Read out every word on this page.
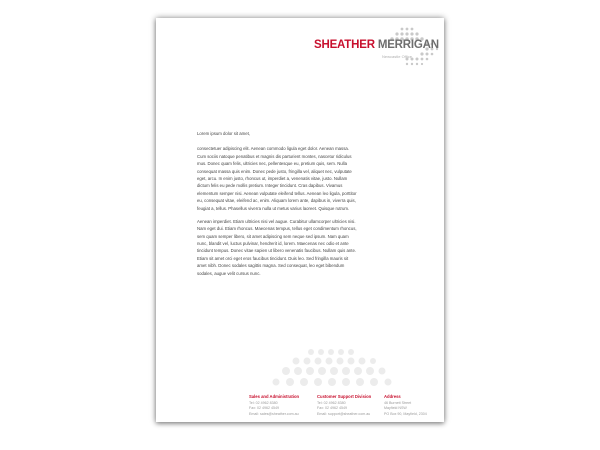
SHEATHER MERRIGAN
Newcastle Office

Lorem ipsum dolor sit amet,

consectetuer adipiscing elit. Aenean commodo ligula eget dolor. Aenean massa. Cum sociis natoque penatibus et magnis dis parturient montes, nascetur ridiculus mus. Donec quam felis, ultricies nec, pellentesque eu, pretium quis, sem. Nulla consequat massa quis enim. Donec pede justo, fringilla vel, aliquet nec, vulputate eget, arcu. In enim justo, rhoncus ut, imperdiet a, venenatis vitae, justo. Nullam dictum felis eu pede mollis pretium. Integer tincidunt. Cras dapibus. Vivamus elementum semper nisi. Aenean vulputate eleifend tellus. Aenean leo ligula, porttitor eu, consequat vitae, eleifend ac, enim. Aliquam lorem ante, dapibus in, viverra quis, feugiat a, tellus. Phasellus viverra nulla ut metus varius laoreet. Quisque rutrum.

Aenean imperdiet. Etiam ultricies nisi vel augue. Curabitur ullamcorper ultricies nisi. Nam eget dui. Etiam rhoncus. Maecenas tempus, tellus eget condimentum rhoncus, sem quam semper libero, sit amet adipiscing sem neque sed ipsum. Nam quam nunc, blandit vel, luctus pulvinar, hendrerit id, lorem. Maecenas nec odio et ante tincidunt tempus. Donec vitae sapien ut libero venenatis faucibus. Nullam quis ante. Etiam sit amet orci eget eros faucibus tincidunt. Duis leo. Sed fringilla mauris sit amet nibh. Donec sodales sagittis magna. Sed consequat, leo eget bibendum sodales, augue velit cursus nunc.

Sales and Administration
Tel: 02 4962 8380
Fax: 02 4962 4549
Email: sales@sheather.com.au
Customer Support Division
Tel: 02 4962 8380
Fax: 02 4962 4549
Email: support@sheather.com.au
Address
46 Burnett Street
Mayfield NSW
PO Box 90, Mayfield, 2304
